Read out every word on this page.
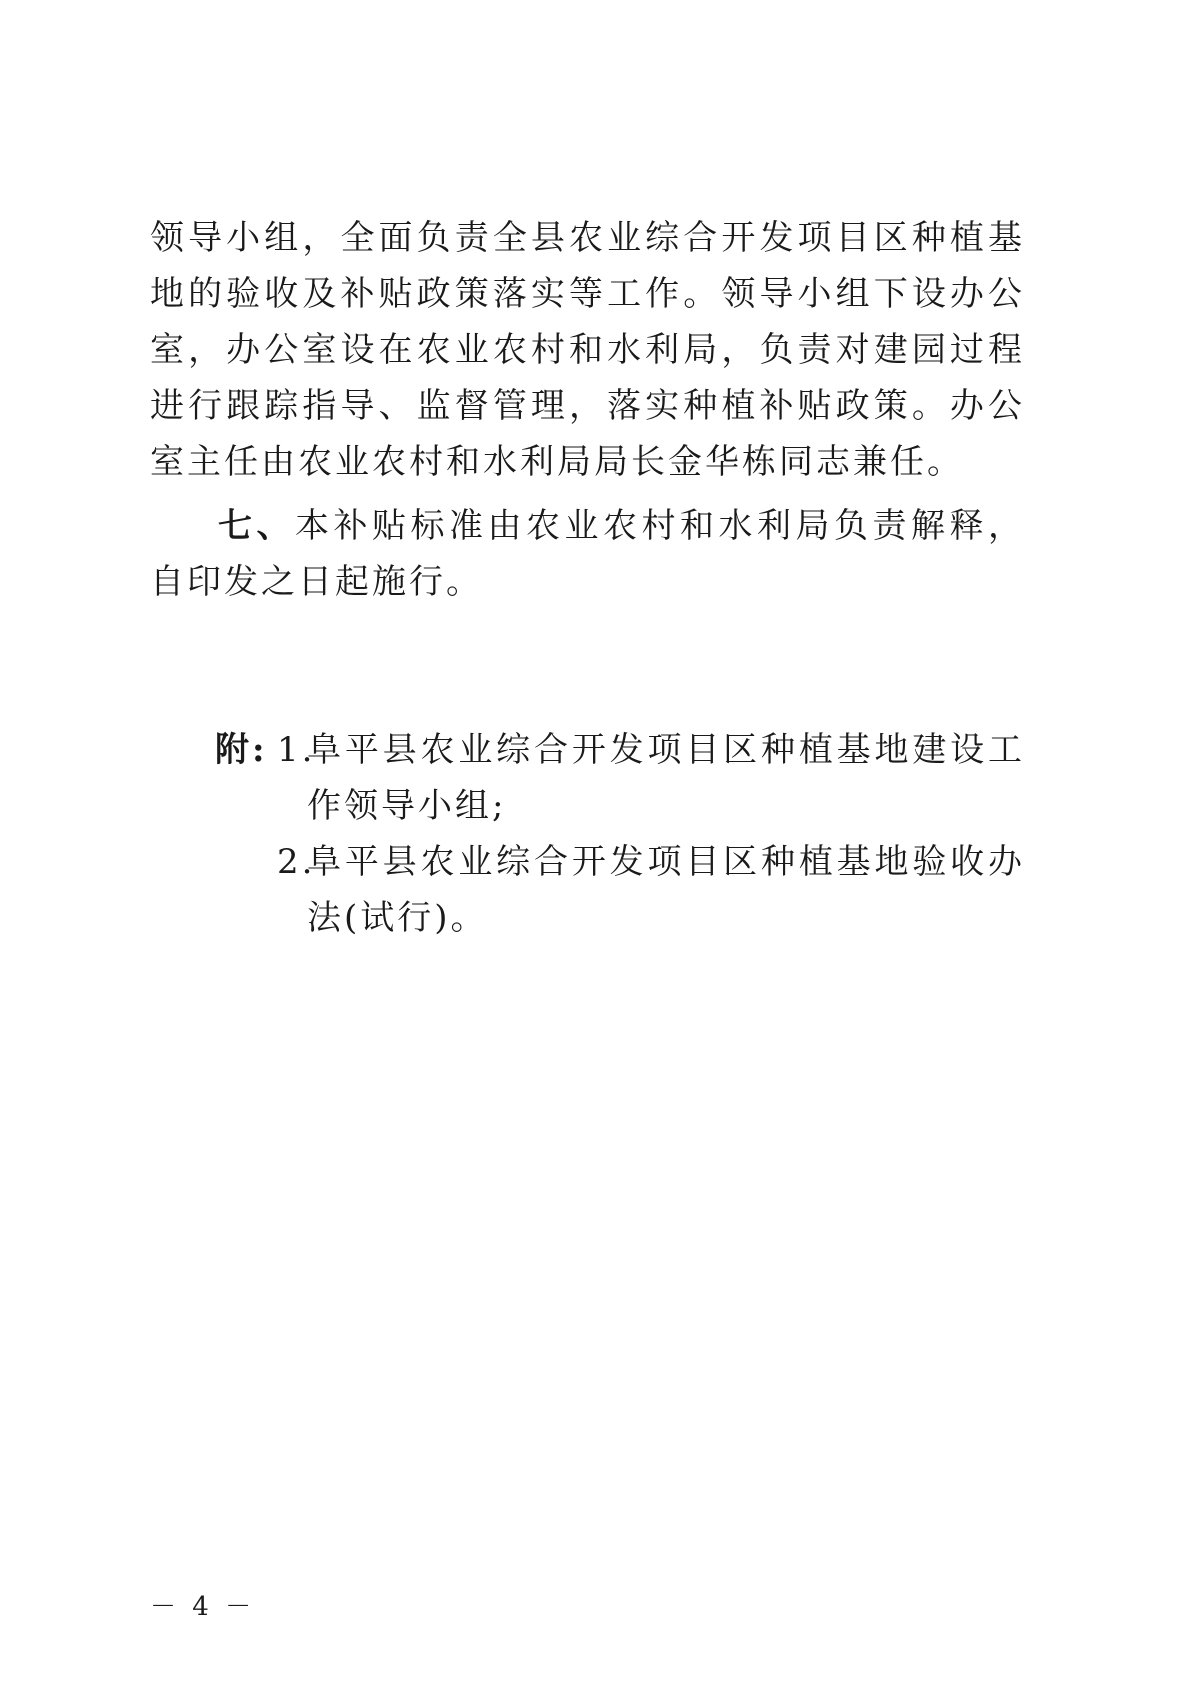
领导小组，全面负责全县农业综合开发项目区种植基地的验收及补贴政策落实等工作。领导小组下设办公室，办公室设在农业农村和水利局，负责对建园过程进行跟踪指导、监督管理，落实种植补贴政策。办公室主任由农业农村和水利局局长金华栋同志兼任。

七、本补贴标准由农业农村和水利局负责解释，自印发之日起施行。

附: 1.
阜平县农业综合开发项目区种植基地建设工作领导小组;
2.
阜平县农业综合开发项目区种植基地验收办法(试行)。
－ 4 －
